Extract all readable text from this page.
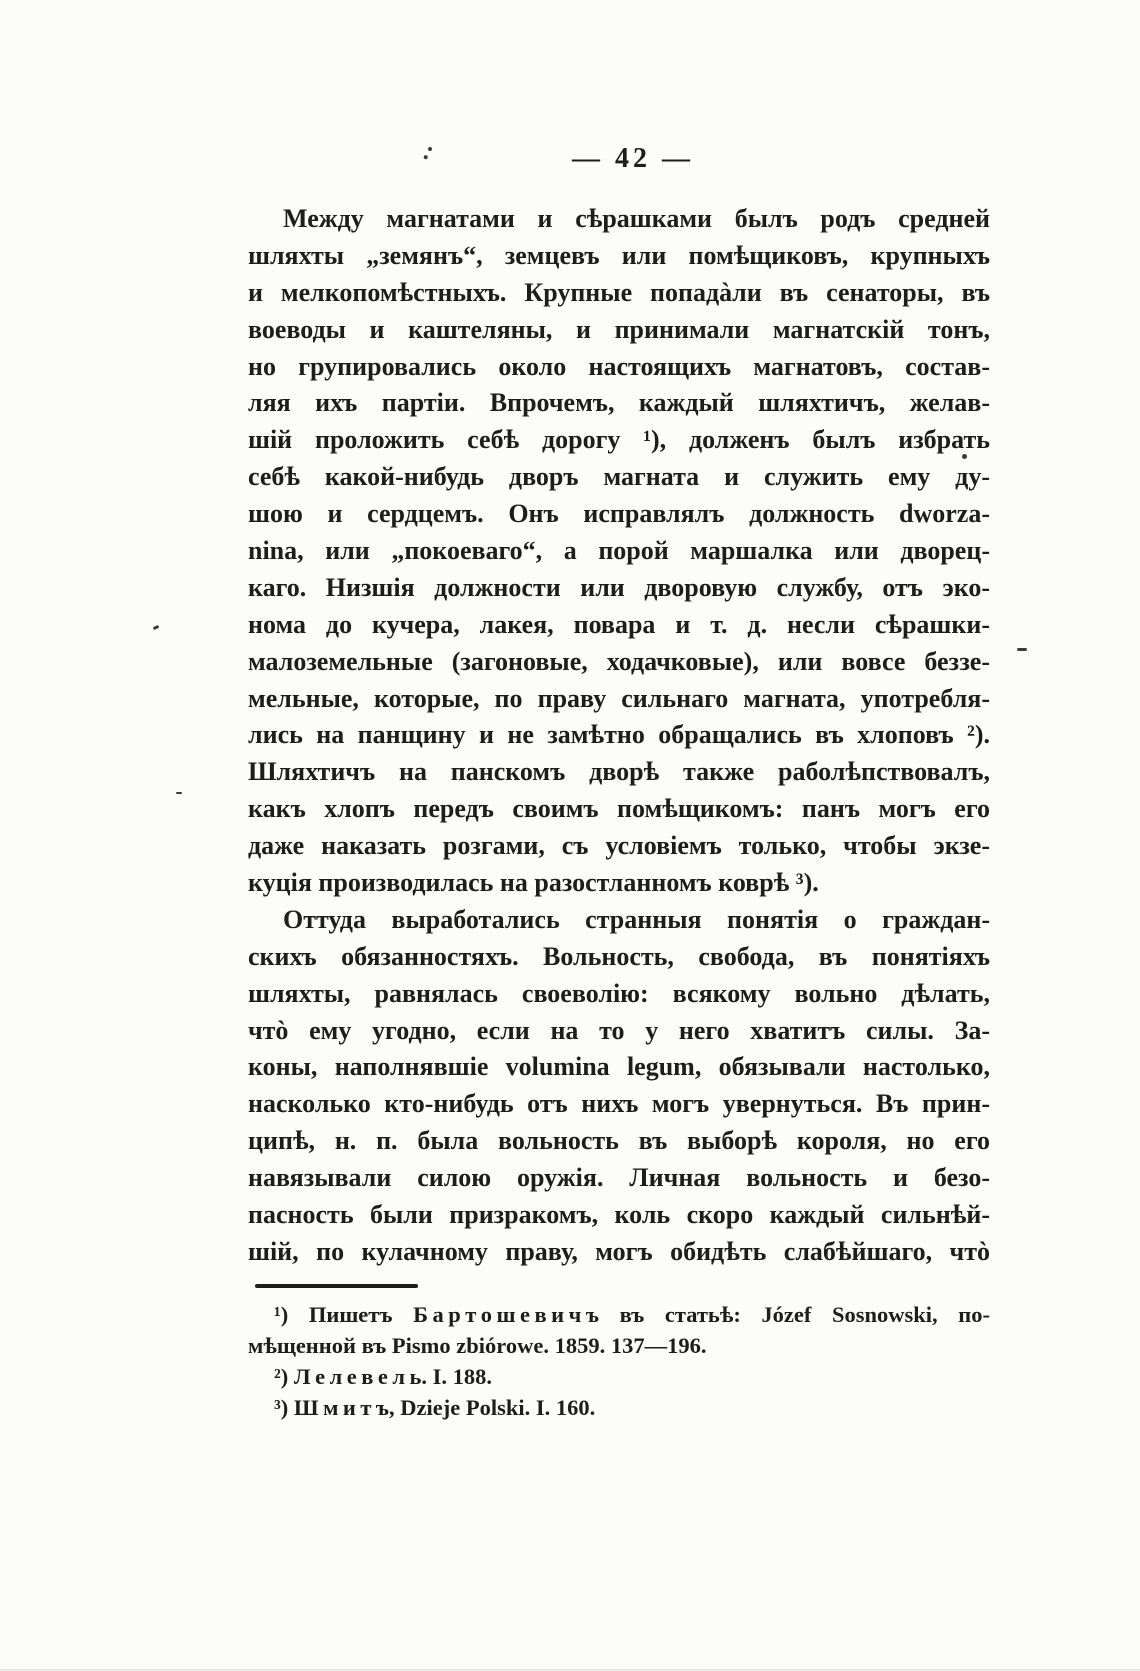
— 42 —
Между магнатами и сѣрашками былъ родъ средней
шляхты „земянъ“, земцевъ или помѣщиковъ, крупныхъ
и мелкопомѣстныхъ. Крупные попадàли въ сенаторы, въ
воеводы и каштеляны, и принимали магнатскій тонъ,
но групировались около настоящихъ магнатовъ, состав-
ляя ихъ партіи. Впрочемъ, каждый шляхтичъ, желав-
шій проложить себѣ дорогу ¹), долженъ былъ избрать
себѣ какой-нибудь дворъ магната и служить ему ду-
шою и сердцемъ. Онъ исправлялъ должность dworza-
nina, или „покоеваго“, а порой маршалка или дворец-
каго. Низшія должности или дворовую службу, отъ эко-
нома до кучера, лакея, повара и т. д. несли сѣрашки-
малоземельные (загоновые, ходачковые), или вовсе беззе-
мельные, которые, по праву сильнаго магната, употребля-
лись на панщину и не замѣтно обращались въ хлоповъ ²).
Шляхтичъ на панскомъ дворѣ также раболѣпствовалъ,
какъ хлопъ передъ своимъ помѣщикомъ: панъ могъ его
даже наказать розгами, съ условіемъ только, чтобы экзе-
куція производилась на разостланномъ коврѣ ³).
Оттуда выработались странныя понятія о граждан-
скихъ обязанностяхъ. Вольность, свобода, въ понятіяхъ
шляхты, равнялась своеволію: всякому вольно дѣлать,
чтò ему угодно, если на то у него хватитъ силы. За-
коны, наполнявшіе volumina legum, обязывали настолько,
насколько кто-нибудь отъ нихъ могъ увернуться. Въ прин-
ципѣ, н. п. была вольность въ выборѣ короля, но его
навязывали силою оружія. Личная вольность и безо-
пасность были призракомъ, коль скоро каждый сильнѣй-
шій, по кулачному праву, могъ обидѣть слабѣйшаго, чтò
¹) Пишетъ Б а р т о ш е в и ч ъ въ статьѣ: Józef Sosnowski, по-
мѣщенной въ Pismo zbiórowe. 1859. 137—196.
²) Л е л е в е л ь. I. 188.
³) Ш м и т ъ, Dzieje Polski. I. 160.
